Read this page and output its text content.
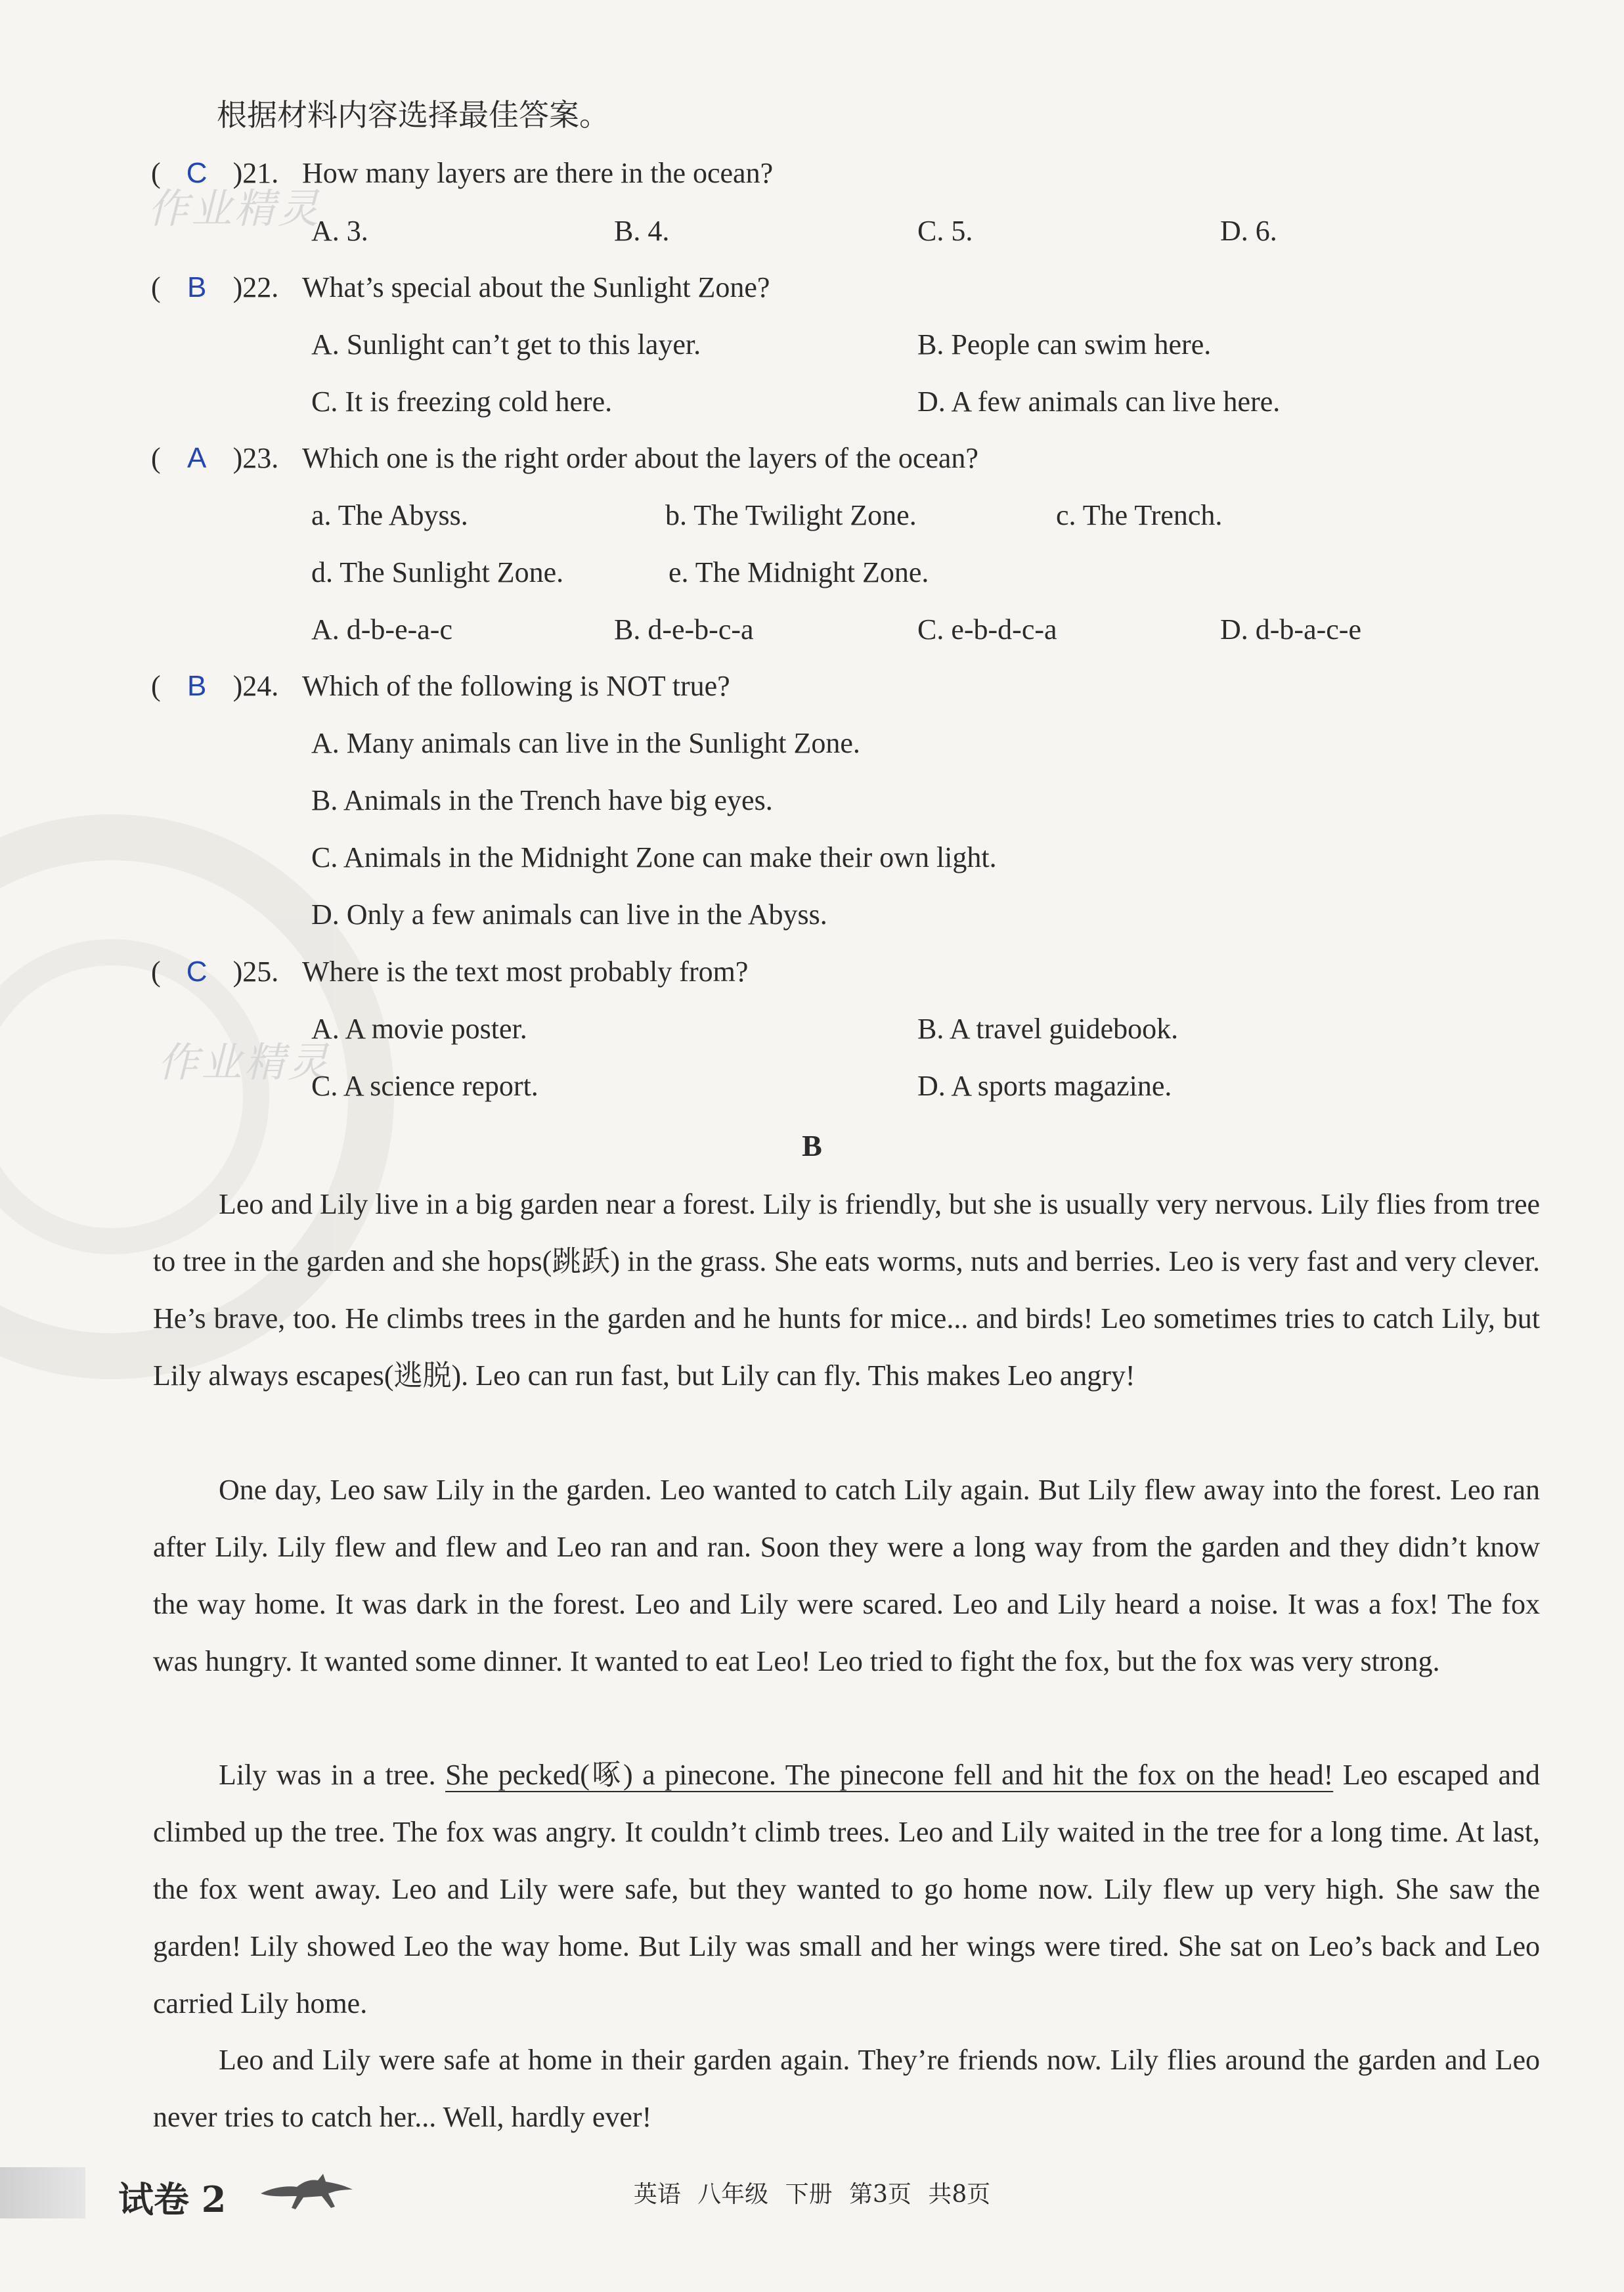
作业精灵
作业精灵
根据材料内容选择最佳答案。
( C )21. How many layers are there in the ocean?
A. 3.	B. 4.	C. 5.	D. 6.
( B )22. What’s special about the Sunlight Zone?
A. Sunlight can’t get to this layer.	B. People can swim here.
C. It is freezing cold here.	D. A few animals can live here.
( A )23. Which one is the right order about the layers of the ocean?
a. The Abyss.	b. The Twilight Zone.	c. The Trench.
d. The Sunlight Zone.	e. The Midnight Zone.
A. d-b-e-a-c	B. d-e-b-c-a	C. e-b-d-c-a	D. d-b-a-c-e
( B )24. Which of the following is NOT true?
A. Many animals can live in the Sunlight Zone.
B. Animals in the Trench have big eyes.
C. Animals in the Midnight Zone can make their own light.
D. Only a few animals can live in the Abyss.
( C )25. Where is the text most probably from?
A. A movie poster.	B. A travel guidebook.
C. A science report.	D. A sports magazine.
B
Leo and Lily live in a big garden near a forest. Lily is friendly, but she is usually very nervous. Lily flies from tree to tree in the garden and she hops(跳跃) in the grass. She eats worms, nuts and berries. Leo is very fast and very clever. He’s brave, too. He climbs trees in the garden and he hunts for mice... and birds! Leo sometimes tries to catch Lily, but Lily always escapes(逃脱). Leo can run fast, but Lily can fly. This makes Leo angry!
One day, Leo saw Lily in the garden. Leo wanted to catch Lily again. But Lily flew away into the forest. Leo ran after Lily. Lily flew and flew and Leo ran and ran. Soon they were a long way from the garden and they didn’t know the way home. It was dark in the forest. Leo and Lily were scared. Leo and Lily heard a noise. It was a fox! The fox was hungry. It wanted some dinner. It wanted to eat Leo! Leo tried to fight the fox, but the fox was very strong.
Lily was in a tree. She pecked(啄) a pinecone. The pinecone fell and hit the fox on the head! Leo escaped and climbed up the tree. The fox was angry. It couldn’t climb trees. Leo and Lily waited in the tree for a long time. At last, the fox went away. Leo and Lily were safe, but they wanted to go home now. Lily flew up very high. She saw the garden! Lily showed Leo the way home. But Lily was small and her wings were tired. She sat on Leo’s back and Leo carried Lily home.
Leo and Lily were safe at home in their garden again. They’re friends now. Lily flies around the garden and Leo never tries to catch her... Well, hardly ever!
试卷 2	英语 八年级 下册 第3页 共8页
